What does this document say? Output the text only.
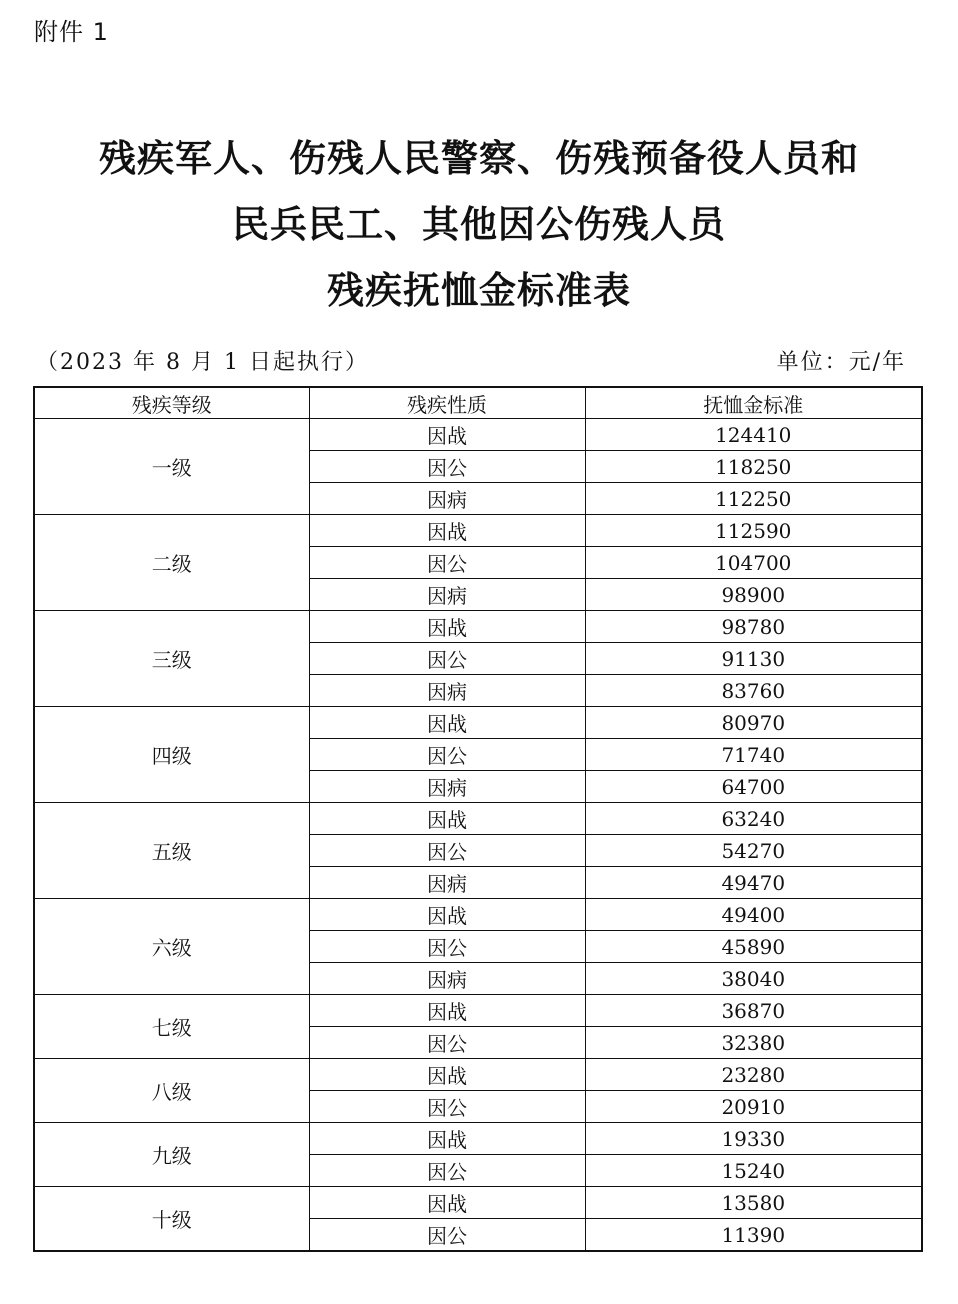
附件 1
残疾军人、伤残人民警察、伤残预备役人员和
民兵民工、其他因公伤残人员
残疾抚恤金标准表
（2023 年 8 月 1 日起执行）	单位：元/年
残疾等级	残疾性质	抚恤金标准
一级	因战	124410
	因公	118250
	因病	112250
二级	因战	112590
	因公	104700
	因病	98900
三级	因战	98780
	因公	91130
	因病	83760
四级	因战	80970
	因公	71740
	因病	64700
五级	因战	63240
	因公	54270
	因病	49470
六级	因战	49400
	因公	45890
	因病	38040
七级	因战	36870
	因公	32380
八级	因战	23280
	因公	20910
九级	因战	19330
	因公	15240
十级	因战	13580
	因公	11390
